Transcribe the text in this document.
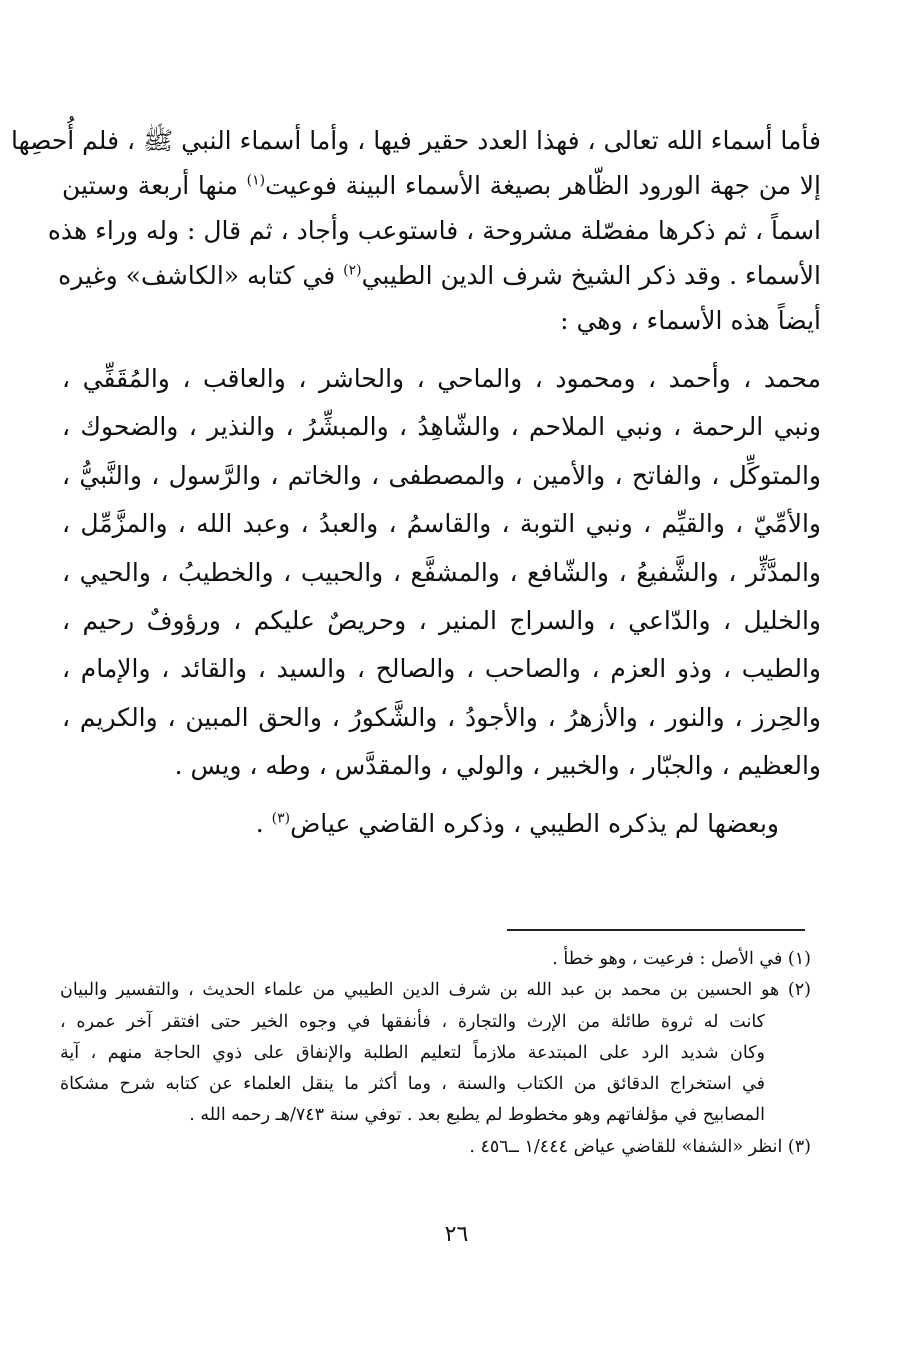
فأما أسماء الله تعالى ، فهذا العدد حقير فيها ، وأما أسماء النبي ﷺ ، فلم أُحصِها

إلا من جهة الورود الظّاهر بصيغة الأسماء البينة فوعيت$^{(١)}$ منها أربعة وستين

اسماً ، ثم ذكرها مفصّلة مشروحة ، فاستوعب وأجاد ، ثم قال : وله وراء هذه

الأسماء . وقد ذكر الشيخ شرف الدين الطيبي$^{(٢)}$ في كتابه «الكاشف» وغيره

أيضاً هذه الأسماء ، وهي :

محمد ، وأحمد ، ومحمود ، والماحي ، والحاشر ، والعاقب ، والمُقَفِّي ،

ونبي الرحمة ، ونبي الملاحم ، والشّاهِدُ ، والمبشِّرُ ، والنذير ، والضحوك ،

والمتوكِّل ، والفاتح ، والأمين ، والمصطفى ، والخاتم ، والرَّسول ، والنَّبيُّ ،

والأمِّيّ ، والقيِّم ، ونبي التوبة ، والقاسمُ ، والعبدُ ، وعبد الله ، والمزَّمِّل ،

والمدَّثِّر ، والشَّفيعُ ، والشّافع ، والمشفَّع ، والحبيب ، والخطيبُ ، والحيي ،

والخليل ، والدّاعي ، والسراج المنير ، وحريصٌ عليكم ، ورؤوفٌ رحيم ،

والطيب ، وذو العزم ، والصاحب ، والصالح ، والسيد ، والقائد ، والإمام ،

والحِرز ، والنور ، والأزهرُ ، والأجودُ ، والشَّكورُ ، والحق المبين ، والكريم ،

والعظيم ، والجبّار ، والخبير ، والولي ، والمقدَّس ، وطه ، ويس .

وبعضها لم يذكره الطيبي ، وذكره القاضي عياض$^{(٣)}$ .

(١) في الأصل : فرعيت ، وهو خطأ .

(٢) هو الحسين بن محمد بن عبد الله بن شرف الدين الطيبي من علماء الحديث ، والتفسير والبيان

كانت له ثروة طائلة من الإرث والتجارة ، فأنفقها في وجوه الخير حتى افتقر آخر عمره ،

وكان شديد الرد على المبتدعة ملازماً لتعليم الطلبة والإنفاق على ذوي الحاجة منهم ، آية

في استخراج الدقائق من الكتاب والسنة ، وما أكثر ما ينقل العلماء عن كتابه شرح مشكاة

المصابيح في مؤلفاتهم وهو مخطوط لم يطبع بعد . توفي سنة ٧٤٣/هـ رحمه الله .

(٣) انظر «الشفا» للقاضي عياض ١/٤٤٤ ــ٤٥٦ .

٢٦
